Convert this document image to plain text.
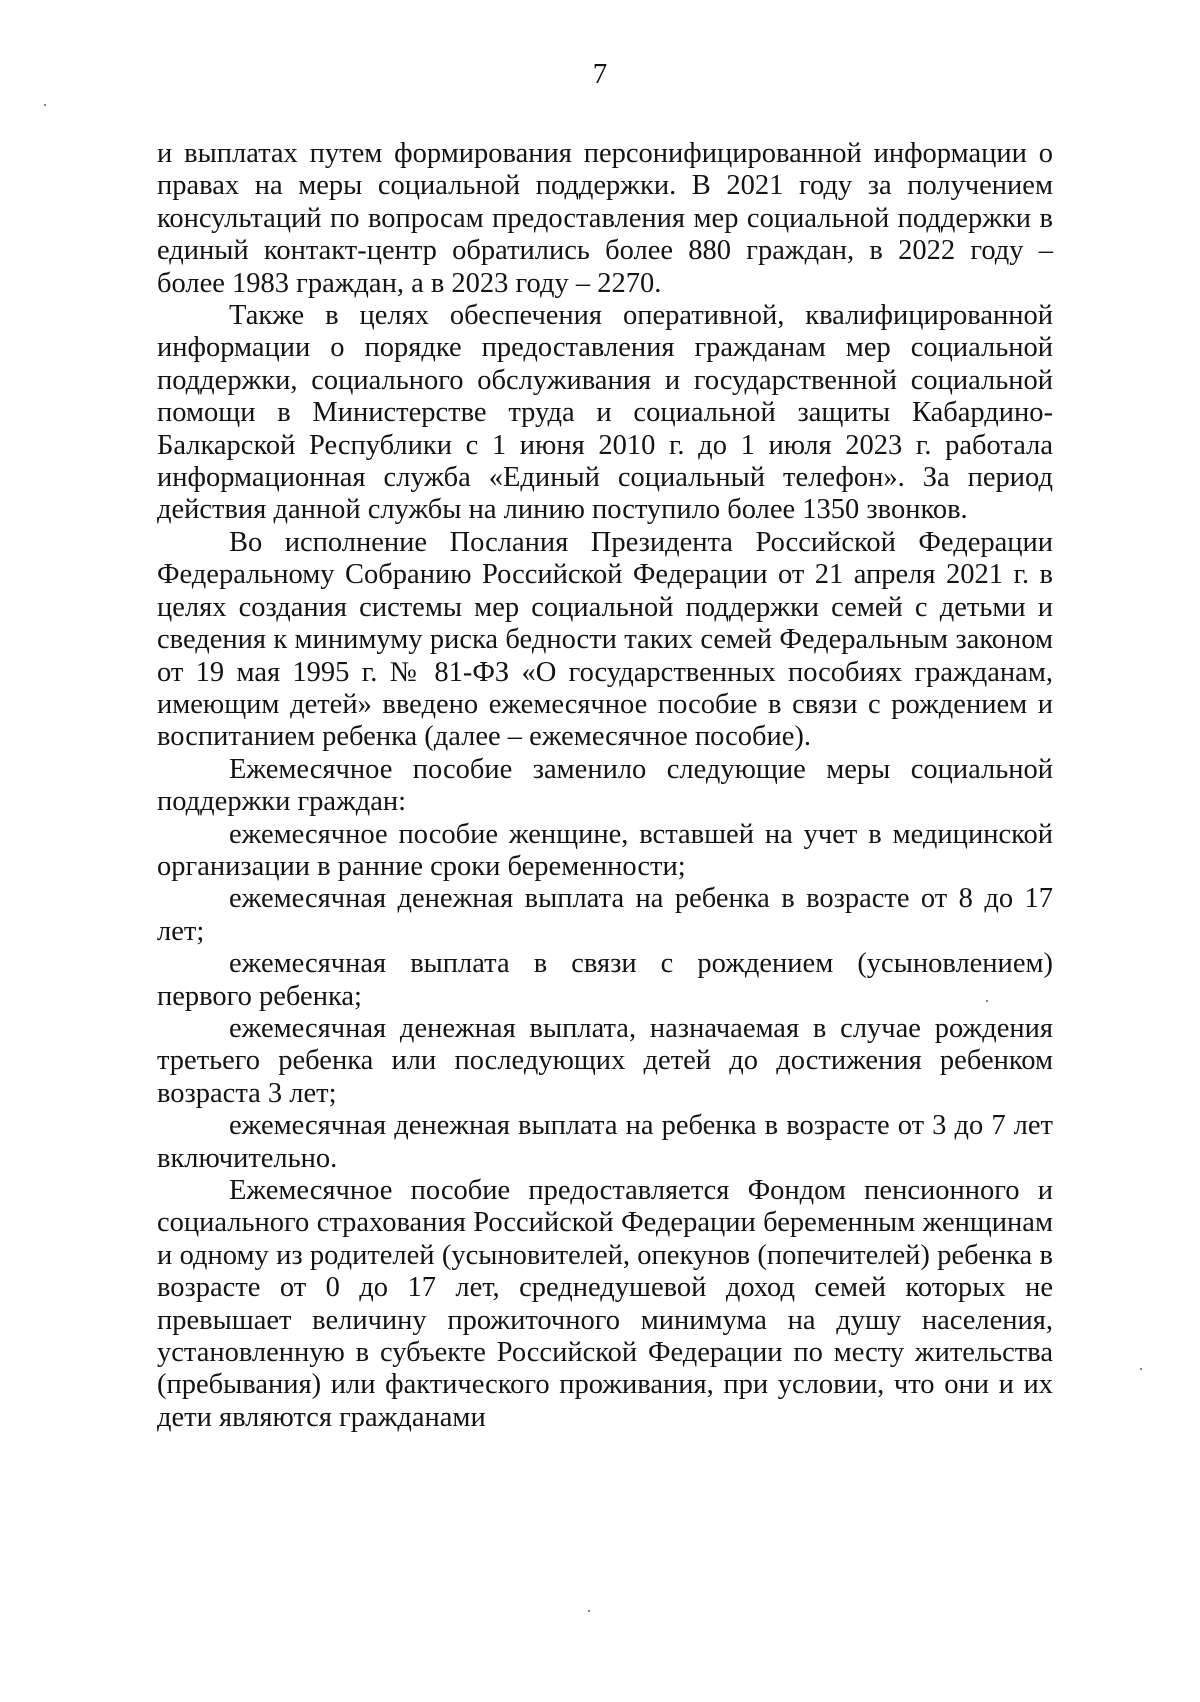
7

и выплатах путем формирования персонифицированной информации о правах на меры социальной поддержки. В 2021 году за получением консультаций по вопросам предоставления мер социальной поддержки в единый контакт-центр обратились более 880 граждан, в 2022 году – более 1983 граждан, а в 2023 году – 2270.

Также в целях обеспечения оперативной, квалифицированной информации о порядке предоставления гражданам мер социальной поддержки, социального обслуживания и государственной социальной помощи в Министерстве труда и социальной защиты Кабардино-Балкарской Республики с 1 июня 2010 г. до 1 июля 2023 г. работала информационная служба «Единый социальный телефон». За период действия данной службы на линию поступило более 1350 звонков.

Во исполнение Послания Президента Российской Федерации Федеральному Собранию Российской Федерации от 21 апреля 2021 г. в целях создания системы мер социальной поддержки семей с детьми и сведения к минимуму риска бедности таких семей Федеральным законом от 19 мая 1995 г. № 81-ФЗ «О государственных пособиях гражданам, имеющим детей» введено ежемесячное пособие в связи с рождением и воспитанием ребенка (далее – ежемесячное пособие).

Ежемесячное пособие заменило следующие меры социальной поддержки граждан:

ежемесячное пособие женщине, вставшей на учет в медицинской организации в ранние сроки беременности;

ежемесячная денежная выплата на ребенка в возрасте от 8 до 17 лет;

ежемесячная выплата в связи с рождением (усыновлением) первого ребенка;

ежемесячная денежная выплата, назначаемая в случае рождения третьего ребенка или последующих детей до достижения ребенком возраста 3 лет;

ежемесячная денежная выплата на ребенка в возрасте от 3 до 7 лет включительно.

Ежемесячное пособие предоставляется Фондом пенсионного и социального страхования Российской Федерации беременным женщинам и одному из родителей (усыновителей, опекунов (попечителей) ребенка в возрасте от 0 до 17 лет, среднедушевой доход семей которых не превышает величину прожиточного минимума на душу населения, установленную в субъекте Российской Федерации по месту жительства (пребывания) или фактического проживания, при условии, что они и их дети являются гражданами
